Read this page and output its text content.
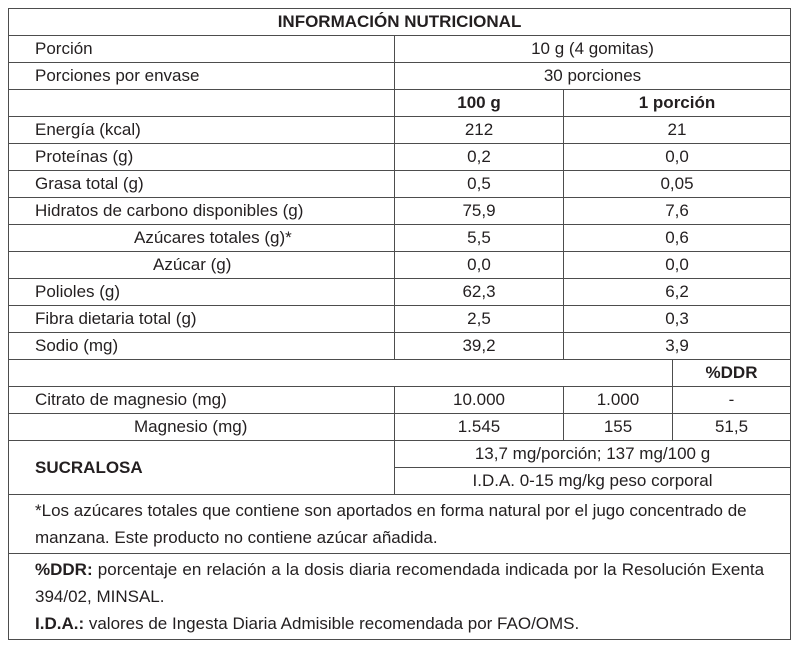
INFORMACIÓN NUTRICIONAL			
Porción	10 g (4 gomitas)		
Porciones por envase	30 porciones		
	100 g	1 porción	
Energía (kcal)	212	21	
Proteínas (g)	0,2	0,0	
Grasa total (g)	0,5	0,05	
Hidratos de carbono disponibles (g)	75,9	7,6	
Azúcares totales (g)*	5,5	0,6	
Azúcar (g)	0,0	0,0	
Polioles (g)	62,3	6,2	
Fibra dietaria total (g)	2,5	0,3	
Sodio (mg)	39,2	3,9	
			%DDR
Citrato de magnesio (mg)	10.000	1.000	-
Magnesio (mg)	1.545	155	51,5
SUCRALOSA	13,7 mg/porción; 137 mg/100 g		
	I.D.A. 0-15 mg/kg peso corporal		
*Los azúcares totales que contiene son aportados en forma natural por el jugo concentrado de manzana. Este producto no contiene azúcar añadida.			

%DDR: porcentaje en relación a la dosis diaria recomendada indicada por la Resolución Exenta 394/02, MINSAL.
I.D.A.: valores de Ingesta Diaria Admisible recomendada por FAO/OMS.			
